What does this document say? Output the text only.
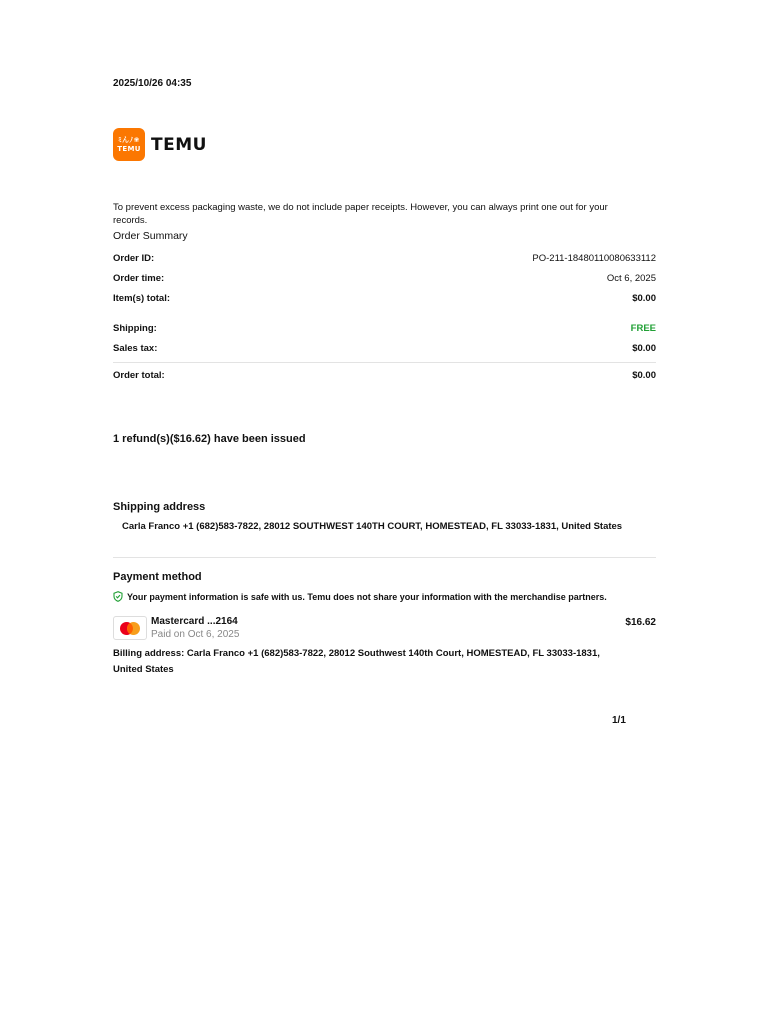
2025/10/26 04:35
ﾐんﾉ❀
TEMU TEMU
To prevent excess packaging waste, we do not include paper receipts. However, you can always print one out for your records.
Order Summary
Order ID:	PO-211-18480110080633112
Order time:	Oct 6, 2025
Item(s) total:	$0.00
Shipping:	FREE
Sales tax:	$0.00
Order total:	$0.00
1 refund(s)($16.62) have been issued
Shipping address
Carla Franco +1 (682)583-7822, 28012 SOUTHWEST 140TH COURT, HOMESTEAD, FL 33033-1831, United States
Payment method
Your payment information is safe with us. Temu does not share your information with the merchandise partners.
Mastercard ...2164
Paid on Oct 6, 2025
$16.62
Billing address: Carla Franco +1 (682)583-7822, 28012 Southwest 140th Court, HOMESTEAD, FL 33033-1831, United States
1/1
